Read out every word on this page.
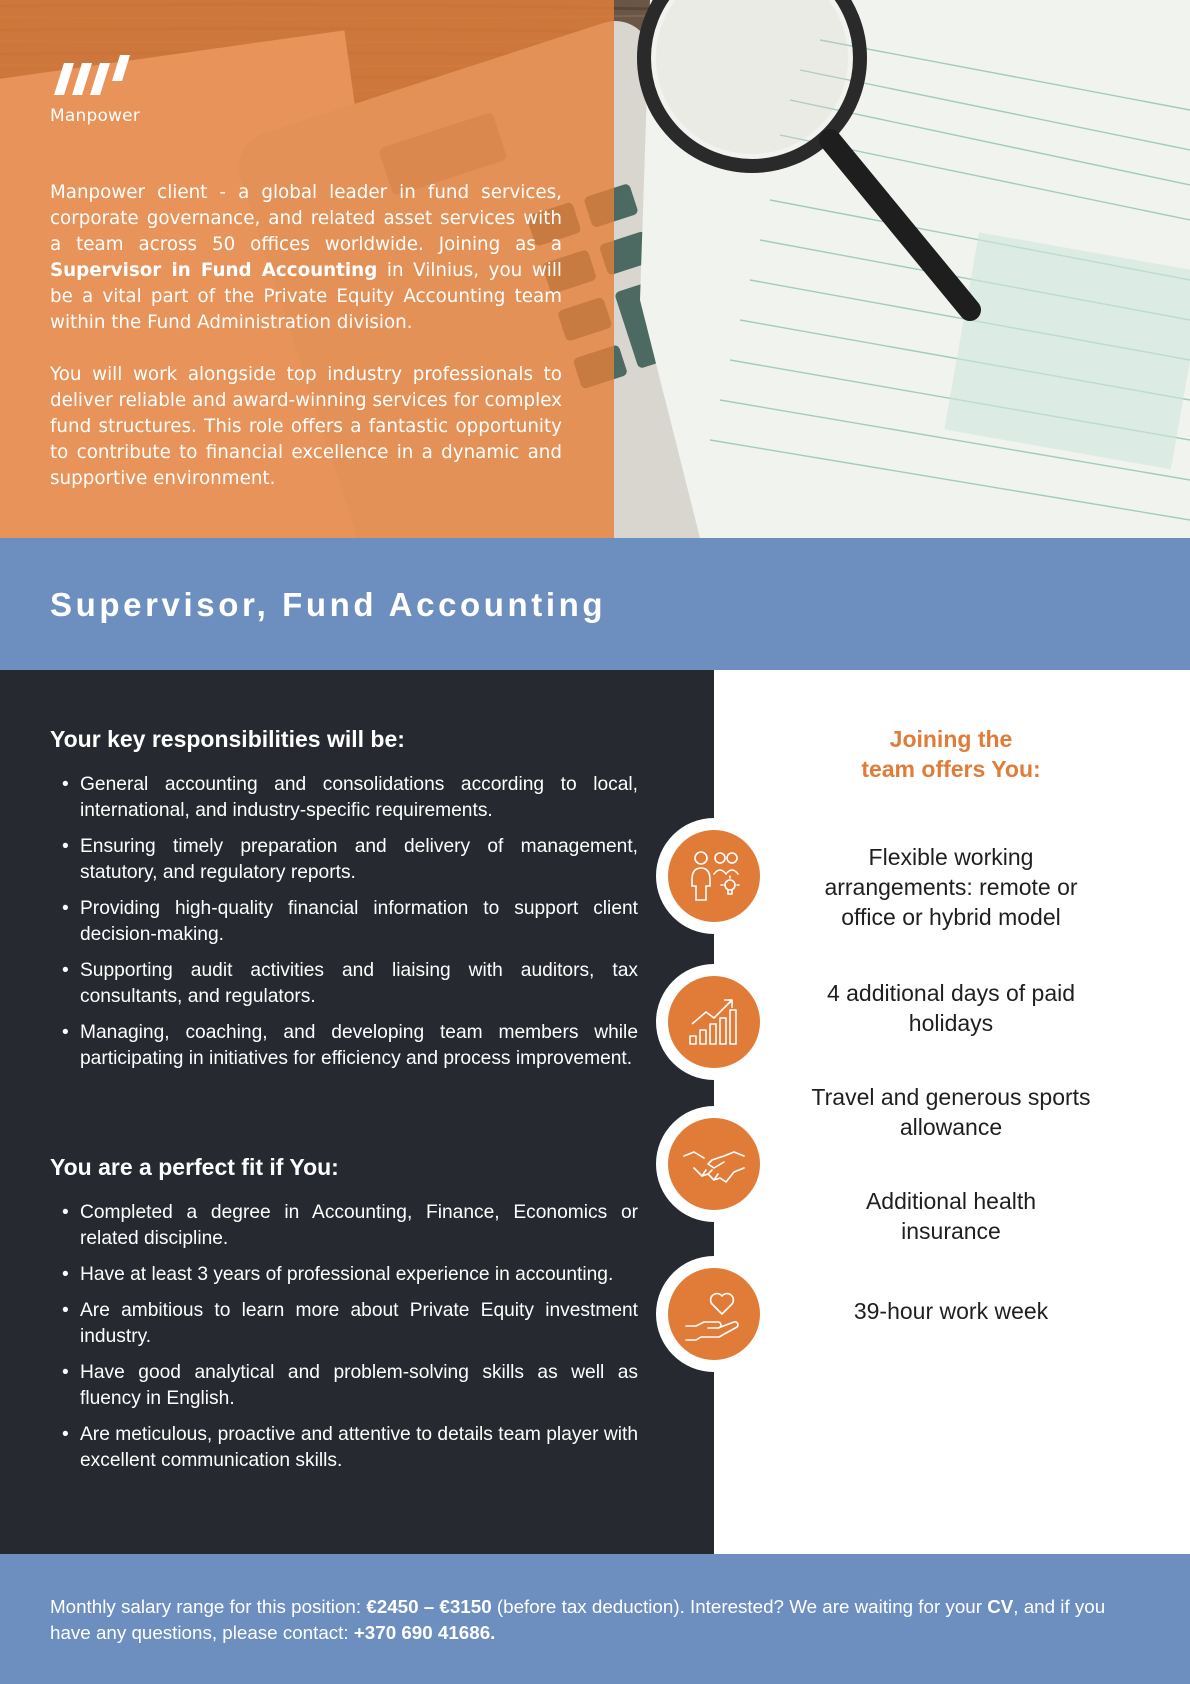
Manpower

Manpower client - a global leader in fund services, corporate governance, and related asset services with a team across 50 offices worldwide. Joining as a Supervisor in Fund Accounting in Vilnius, you will be a vital part of the Private Equity Accounting team within the Fund Administration division.

You will work alongside top industry professionals to deliver reliable and award-winning services for complex fund structures. This role offers a fantastic opportunity to contribute to financial excellence in a dynamic and supportive environment.

Supervisor, Fund Accounting
Your key responsibilities will be:
• General accounting and consolidations according to local, international, and industry-specific requirements.
• Ensuring timely preparation and delivery of management, statutory, and regulatory reports.
• Providing high-quality financial information to support client decision-making.
• Supporting audit activities and liaising with auditors, tax consultants, and regulators.
• Managing, coaching, and developing team members while participating in initiatives for efficiency and process improvement.
You are a perfect fit if You:
• Completed a degree in Accounting, Finance, Economics or related discipline.
• Have at least 3 years of professional experience in accounting.
• Are ambitious to learn more about Private Equity investment industry.
• Have good analytical and problem-solving skills as well as fluency in English.
• Are meticulous, proactive and attentive to details team player with excellent communication skills.
Joining the
team offers You:
Flexible working
arrangements: remote or
office or hybrid model
4 additional days of paid
holidays
Travel and generous sports
allowance
Additional health
insurance
39-hour work week

Monthly salary range for this position: €2450 – €3150 (before tax deduction). Interested? We are waiting for your CV, and if you have any questions, please contact: +370 690 41686.
